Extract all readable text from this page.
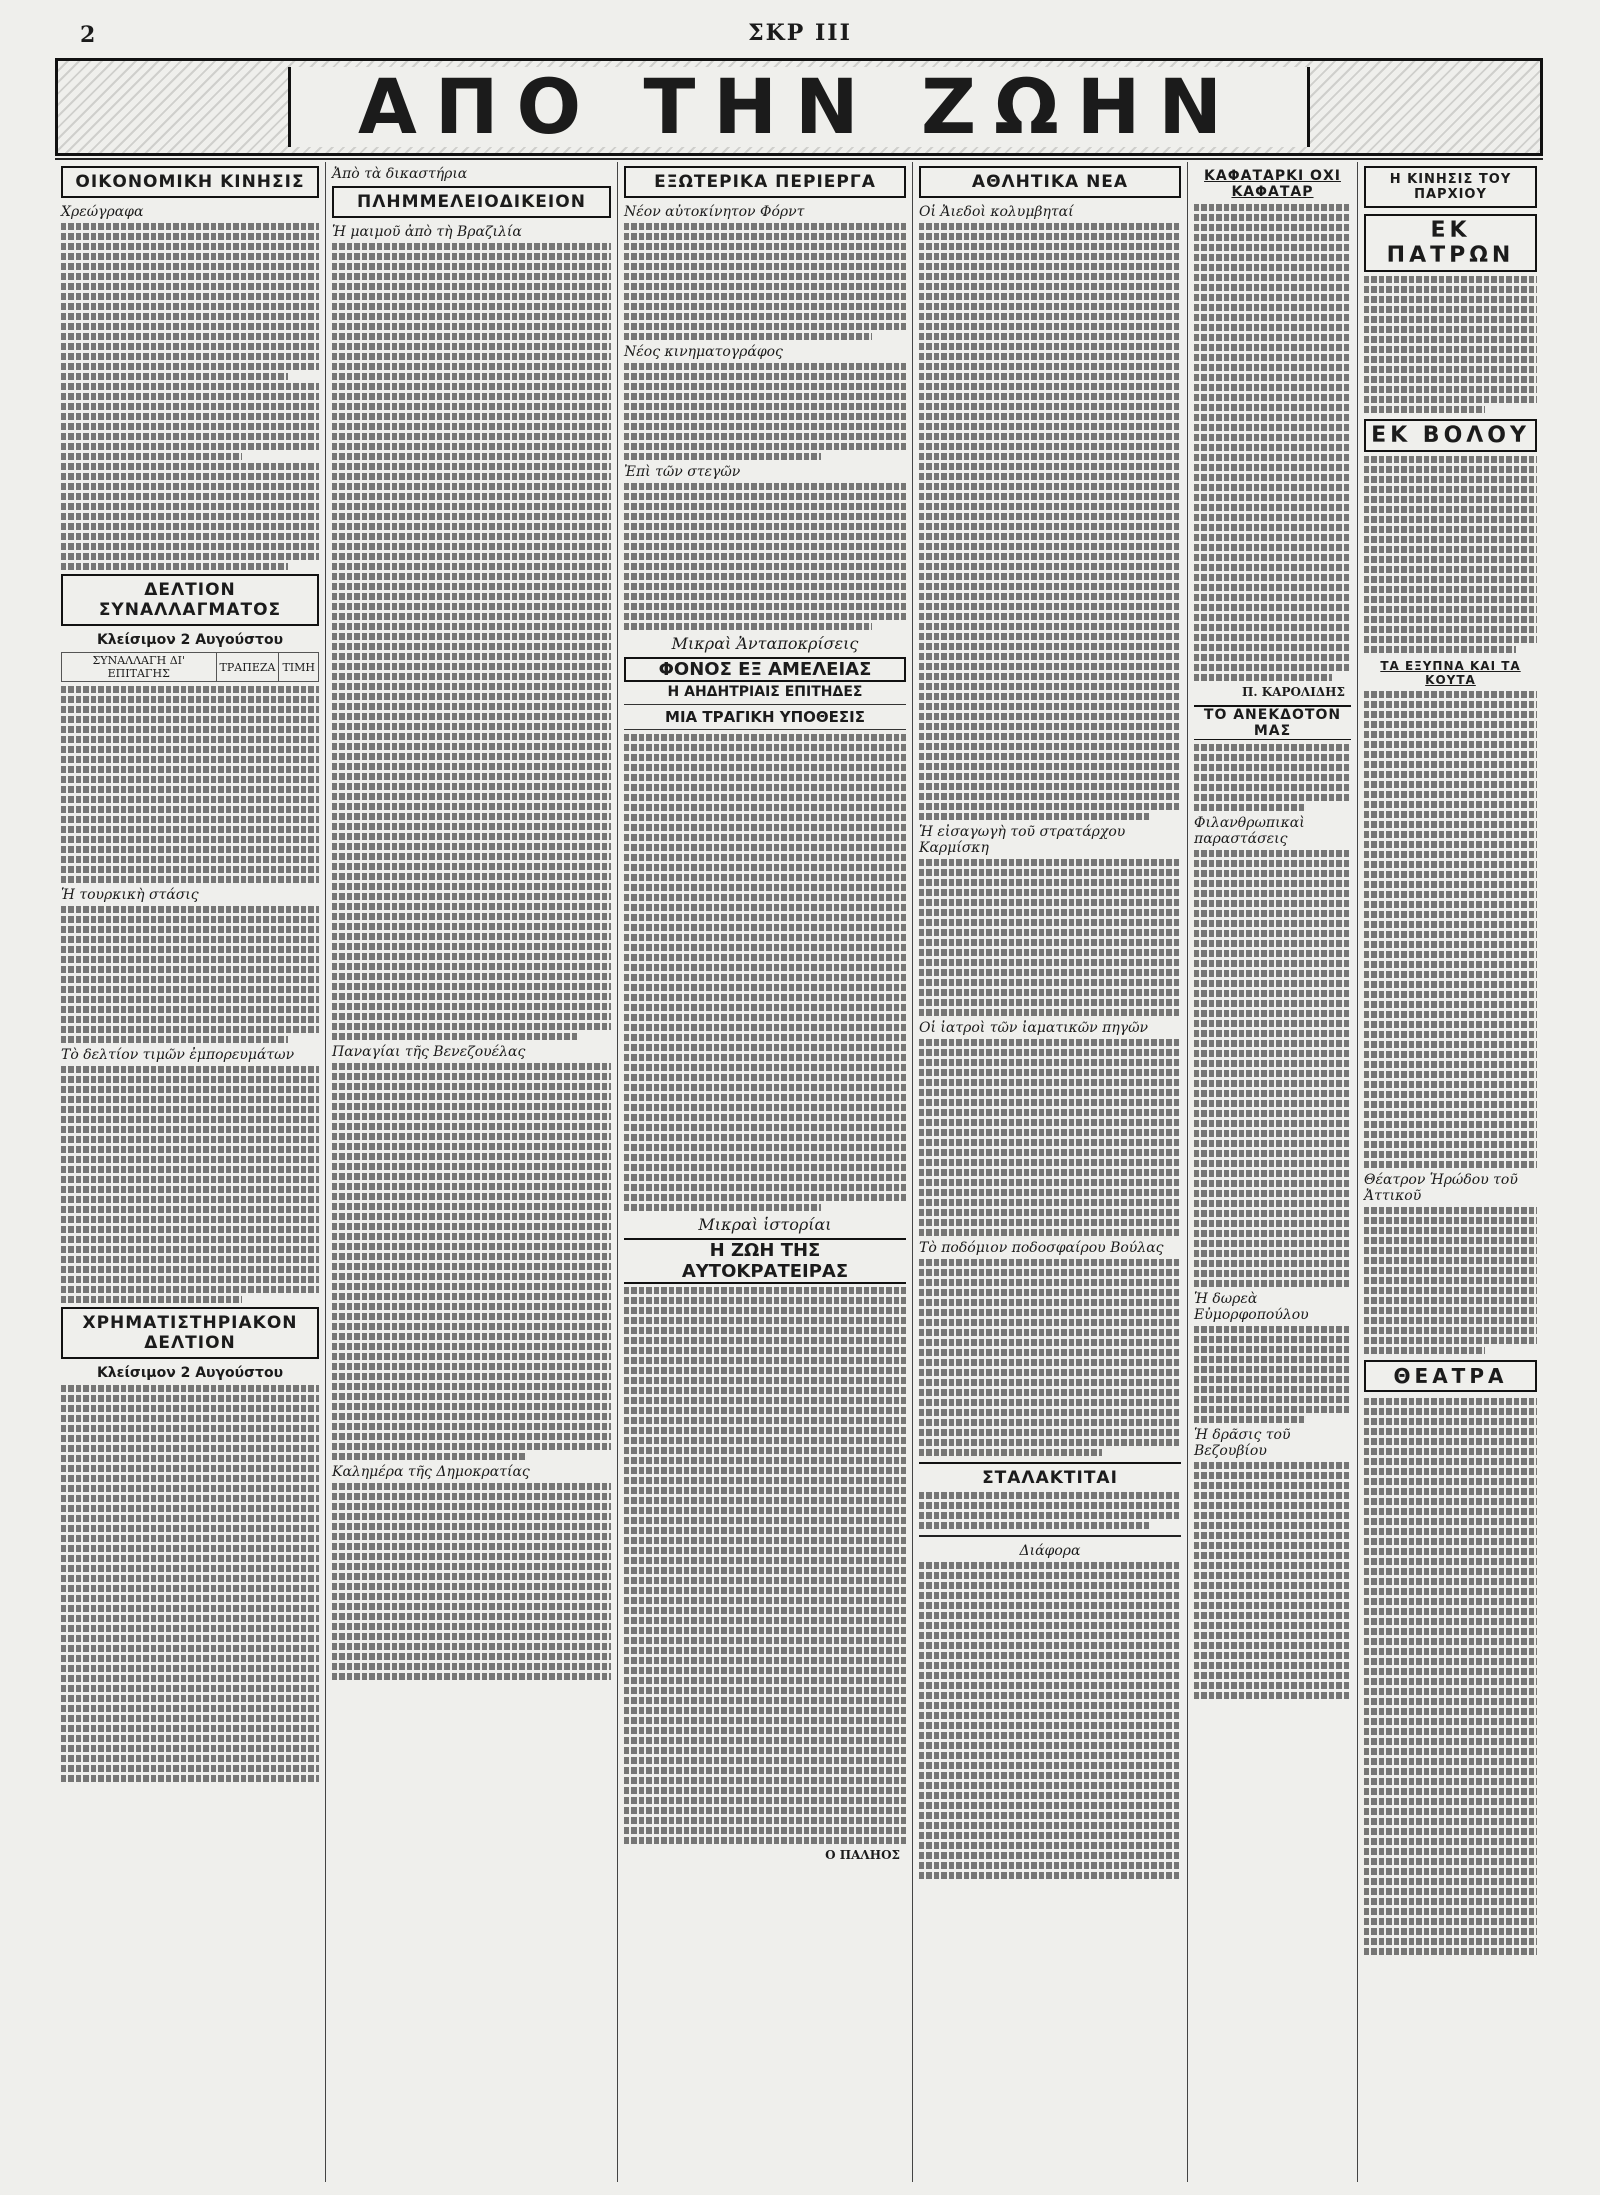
2	ΣΚΡ ΙΙΙ
ΑΠΟ ΤΗΝ ΖΩΗΝ
ΟΙΚΟΝΟΜΙΚΗ ΚΙΝΗΣΙΣ
Χρεώγραφα
ΔΕΛΤΙΟΝ ΣΥΝΑΛΛΑΓΜΑΤΟΣ
Κλείσιμον 2 Αυγούστου
ΣΥΝΑΛΛΑΓΗ ΔΙ' ΕΠΙΤΑΓΗΣ	ΤΡΑΠΕΖΑ	ΤΙΜΗ
Ἡ τουρκικὴ στάσις
Τὸ δελτίον τιμῶν ἐμπορευμάτων
ΧΡΗΜΑΤΙΣΤΗΡΙΑΚΟΝ ΔΕΛΤΙΟΝ
Κλείσιμον 2 Αυγούστου
Ἀπὸ τὰ δικαστήρια
ΠΛΗΜΜΕΛΕΙΟΔΙΚΕΙΟΝ
Ἡ μαιμοῦ ἀπὸ τὴ Βραζιλία
Παναγίαι τῆς Βενεζουέλας
Καλημέρα τῆς Δημοκρατίας
ΕΞΩΤΕΡΙΚΑ ΠΕΡΙΕΡΓΑ
Νέον αὐτοκίνητον Φόρντ
Νέος κινηματογράφος
Ἐπὶ τῶν στεγῶν
Μικραὶ Ἀνταποκρίσεις
ΦΟΝΟΣ ΕΞ ΑΜΕΛΕΙΑΣ
Η ΑΗΔΗΤΡΙΑΙΣ ΕΠΙΤΗΔΕΣ
ΜΙΑ ΤΡΑΓΙΚΗ ΥΠΟΘΕΣΙΣ
Μικραὶ ἱστορίαι
Η ΖΩΗ ΤΗΣ ΑΥΤΟΚΡΑΤΕΙΡΑΣ
Ο ΠΑΛΗΟΣ
ΑΘΛΗΤΙΚΑ ΝΕΑ
Οἱ Ἀιεδοὶ κολυμβηταί
Ἡ εἰσαγωγὴ τοῦ στρατάρχου Καρμίσκη
Οἱ ἰατροὶ τῶν ἰαματικῶν πηγῶν
Τὸ ποδόμιον ποδοσφαίρου Βούλας
ΣΤΑΛΑΚΤΙΤΑΙ
Διάφορα
ΚΑΦΑΤΑΡΚΙ ΟΧΙ ΚΑΦΑΤΑΡ
Π. ΚΑΡΟΛΙΔΗΣ
ΤΟ ΑΝΕΚΔΟΤΟΝ ΜΑΣ
Φιλανθρωπικαὶ παραστάσεις
Ἡ δωρεὰ Εὐμορφοπούλου
Ἡ δρᾶσις τοῦ Βεζουβίου
Η ΚΙΝΗΣΙΣ ΤΟΥ ΠΑΡΧΙΟΥ
ΕΚ ΠΑΤΡΩΝ
ΕΚ ΒΟΛΟΥ
ΤΑ ΕΞΥΠΝΑ ΚΑΙ ΤΑ ΚΟΥΤΑ
Θέατρον Ἡρώδου τοῦ Ἀττικοῦ
ΘΕΑΤΡΑ
